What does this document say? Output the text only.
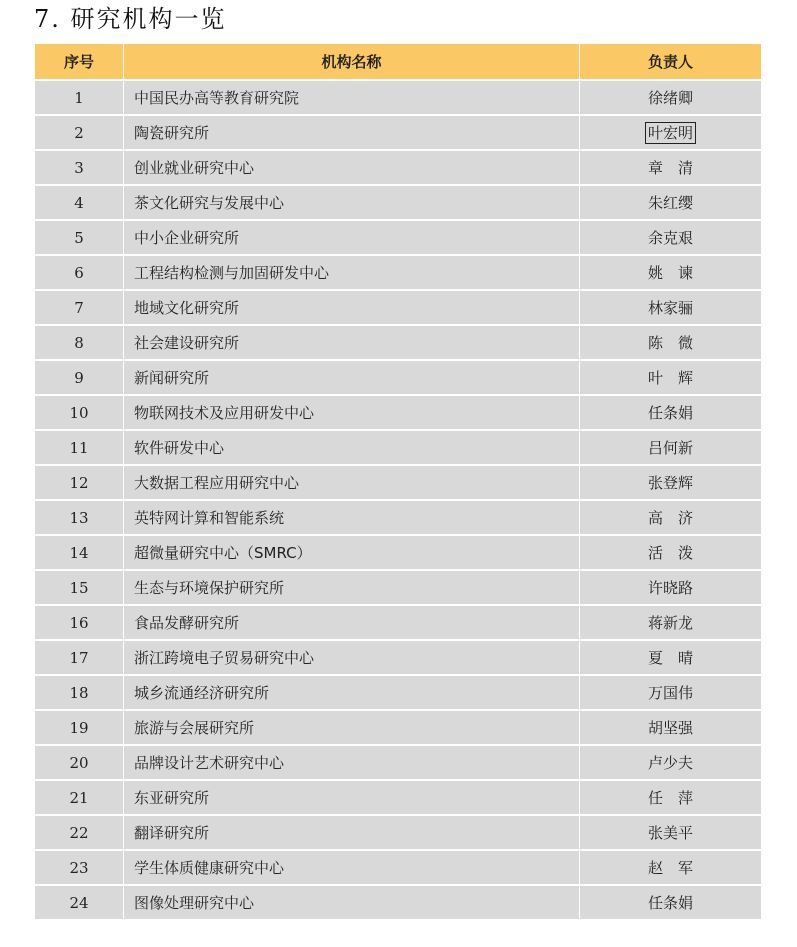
7. 研究机构一览
序号	机构名称	负责人
1	中国民办高等教育研究院	徐绪卿
2	陶瓷研究所	叶宏明
3	创业就业研究中心	章　清
4	茶文化研究与发展中心	朱红缨
5	中小企业研究所	余克艰
6	工程结构检测与加固研发中心	姚　谏
7	地域文化研究所	林家骊
8	社会建设研究所	陈　微
9	新闻研究所	叶　辉
10	物联网技术及应用研发中心	任条娟
11	软件研发中心	吕何新
12	大数据工程应用研究中心	张登辉
13	英特网计算和智能系统	高　济
14	超微量研究中心（SMRC）	活　泼
15	生态与环境保护研究所	许晓路
16	食品发酵研究所	蒋新龙
17	浙江跨境电子贸易研究中心	夏　晴
18	城乡流通经济研究所	万国伟
19	旅游与会展研究所	胡坚强
20	品牌设计艺术研究中心	卢少夫
21	东亚研究所	任　萍
22	翻译研究所	张美平
23	学生体质健康研究中心	赵　军
24	图像处理研究中心	任条娟
